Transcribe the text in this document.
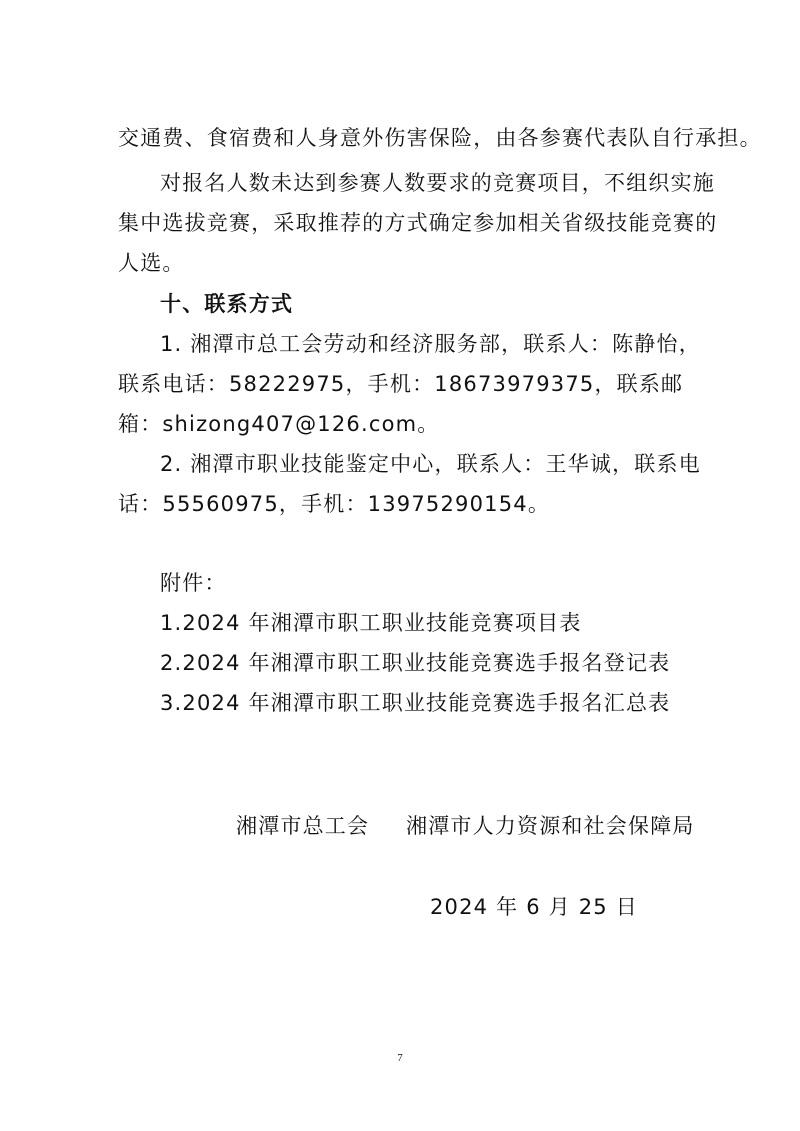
交通费、食宿费和人身意外伤害保险，由各参赛代表队自行承担。
对报名人数未达到参赛人数要求的竞赛项目，不组织实施
集中选拔竞赛，采取推荐的方式确定参加相关省级技能竞赛的
人选。
十、联系方式
1. 湘潭市总工会劳动和经济服务部，联系人：陈静怡，
联系电话：58222975，手机：18673979375，联系邮
箱：shizong407@126.com。
2. 湘潭市职业技能鉴定中心，联系人：王华诚，联系电
话：55560975，手机：13975290154。
附件：
1.2024 年湘潭市职工职业技能竞赛项目表
2.2024 年湘潭市职工职业技能竞赛选手报名登记表
3.2024 年湘潭市职工职业技能竞赛选手报名汇总表
湘潭市总工会 湘潭市人力资源和社会保障局
2024 年 6 月 25 日
7
